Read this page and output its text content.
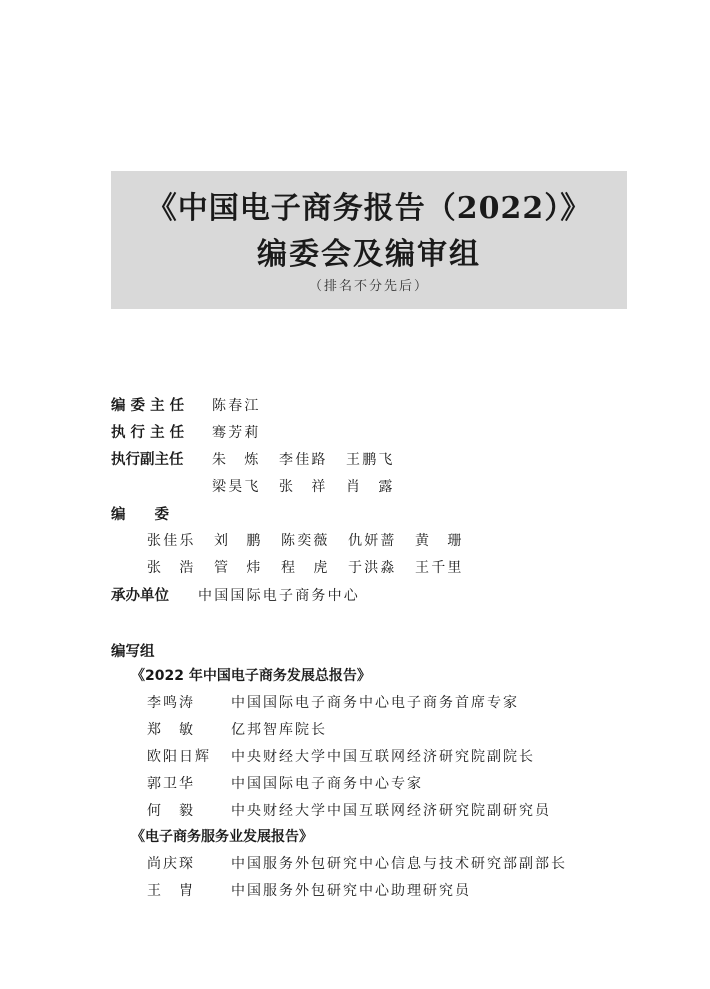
《中国电子商务报告（2022）》
编委会及编审组
（排名不分先后）
编 委 主 任 陈春江
执 行 主 任 骞芳莉
执行副主任 朱　炼 李佳路 王鹏飞
梁昊飞 张　祥 肖　露
编　　委
张佳乐 刘　鹏 陈奕薇 仇妍蔷 黄　珊
张　浩 管　炜 程　虎 于洪淼 王千里
承办单位 中国国际电子商务中心
编写组
《2022 年中国电子商务发展总报告》
李鸣涛	中国国际电子商务中心电子商务首席专家
郑　敏	亿邦智库院长
欧阳日辉 中央财经大学中国互联网经济研究院副院长
郭卫华	中国国际电子商务中心专家
何　毅	中央财经大学中国互联网经济研究院副研究员
《电子商务服务业发展报告》
尚庆琛	中国服务外包研究中心信息与技术研究部副部长
王　胄	中国服务外包研究中心助理研究员
